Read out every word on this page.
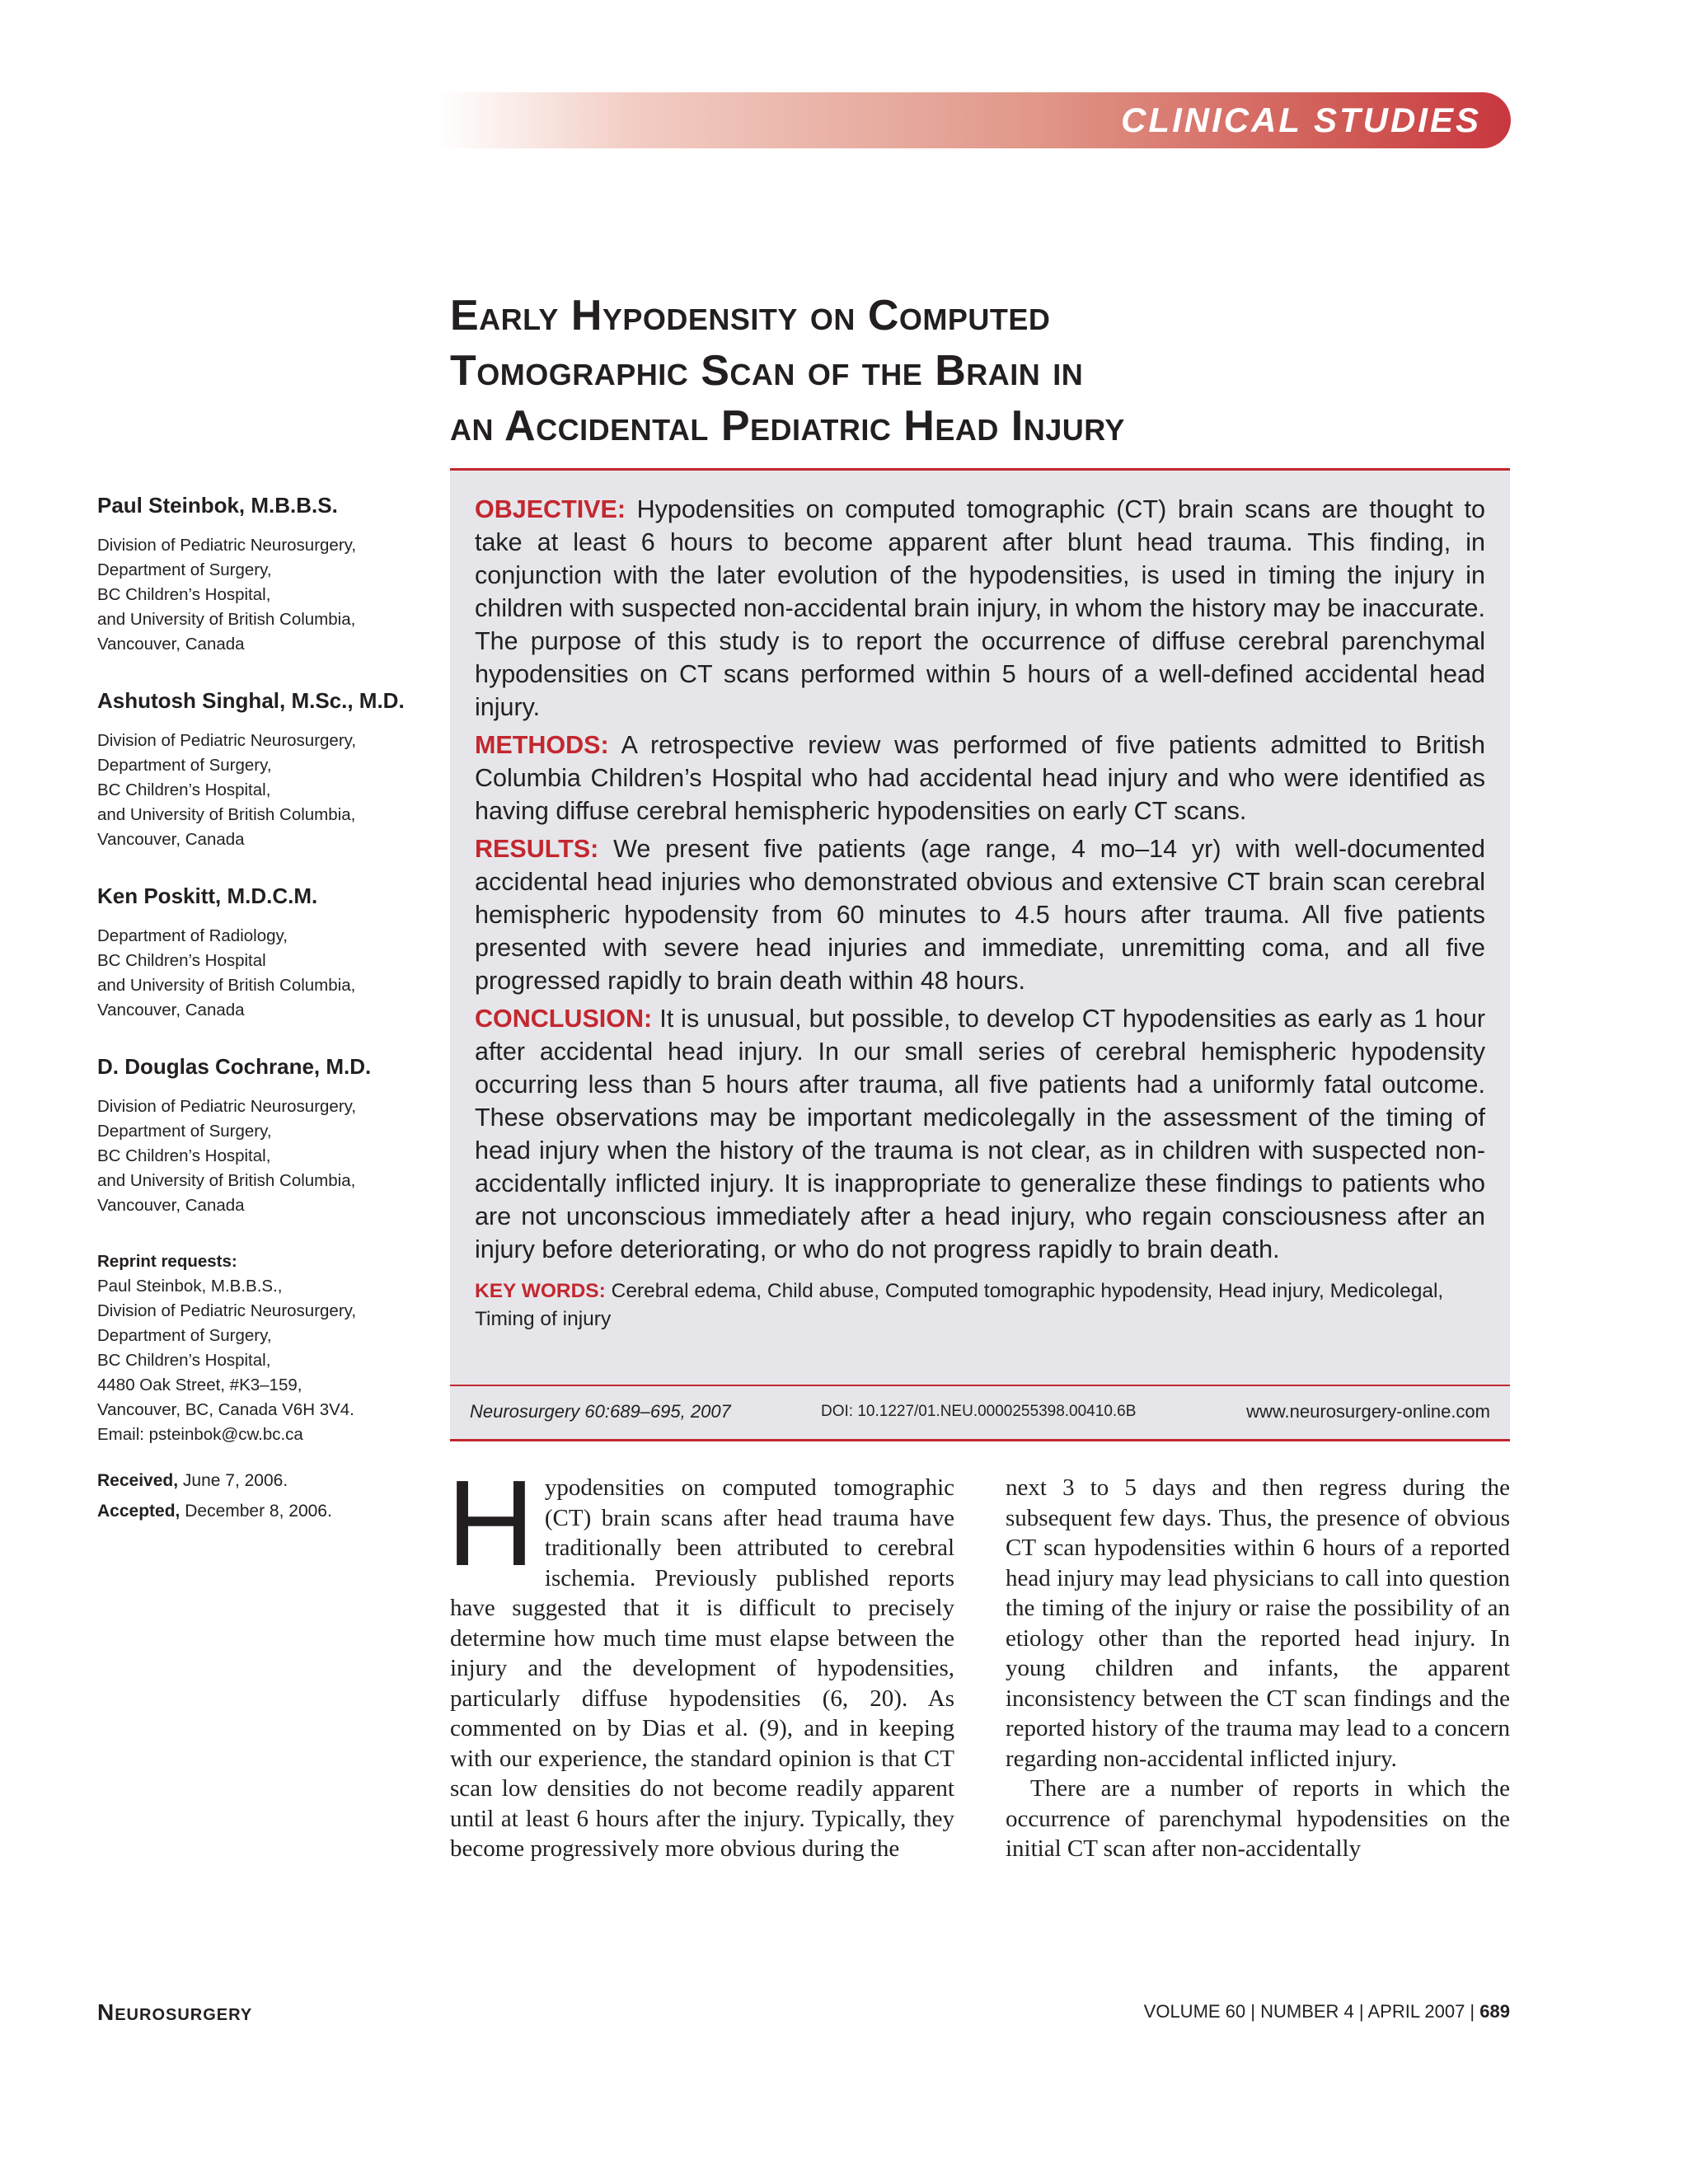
CLINICAL STUDIES
Early Hypodensity on Computed
Tomographic Scan of the Brain in
an Accidental Pediatric Head Injury
Paul Steinbok, M.B.B.S.
Division of Pediatric Neurosurgery,
Department of Surgery,
BC Children’s Hospital,
and University of British Columbia,
Vancouver, Canada
Ashutosh Singhal, M.Sc., M.D.
Division of Pediatric Neurosurgery,
Department of Surgery,
BC Children’s Hospital,
and University of British Columbia,
Vancouver, Canada
Ken Poskitt, M.D.C.M.
Department of Radiology,
BC Children’s Hospital
and University of British Columbia,
Vancouver, Canada
D. Douglas Cochrane, M.D.
Division of Pediatric Neurosurgery,
Department of Surgery,
BC Children’s Hospital,
and University of British Columbia,
Vancouver, Canada
Reprint requests:
Paul Steinbok, M.B.B.S.,
Division of Pediatric Neurosurgery,
Department of Surgery,
BC Children’s Hospital,
4480 Oak Street, #K3–159,
Vancouver, BC, Canada V6H 3V4.
Email: psteinbok@cw.bc.ca
Received, June 7, 2006.
Accepted, December 8, 2006.
OBJECTIVE: Hypodensities on computed tomographic (CT) brain scans are thought to take at least 6 hours to become apparent after blunt head trauma. This finding, in conjunction with the later evolution of the hypodensities, is used in timing the injury in children with suspected non-accidental brain injury, in whom the history may be inaccurate. The purpose of this study is to report the occurrence of diffuse cerebral parenchymal hypodensities on CT scans performed within 5 hours of a well-defined accidental head injury.
METHODS: A retrospective review was performed of five patients admitted to British Columbia Children’s Hospital who had accidental head injury and who were identified as having diffuse cerebral hemispheric hypodensities on early CT scans.
RESULTS: We present five patients (age range, 4 mo–14 yr) with well-documented accidental head injuries who demonstrated obvious and extensive CT brain scan cerebral hemispheric hypodensity from 60 minutes to 4.5 hours after trauma. All five patients presented with severe head injuries and immediate, unremitting coma, and all five progressed rapidly to brain death within 48 hours.
CONCLUSION: It is unusual, but possible, to develop CT hypodensities as early as 1 hour after accidental head injury. In our small series of cerebral hemispheric hypodensity occurring less than 5 hours after trauma, all five patients had a uniformly fatal outcome. These observations may be important medicolegally in the assessment of the timing of head injury when the history of the trauma is not clear, as in children with suspected non-accidentally inflicted injury. It is inappropriate to generalize these findings to patients who are not unconscious immediately after a head injury, who regain consciousness after an injury before deteriorating, or who do not progress rapidly to brain death.
KEY WORDS: Cerebral edema, Child abuse, Computed tomographic hypodensity, Head injury, Medicolegal, Timing of injury
Neurosurgery 60:689–695, 2007	DOI: 10.1227/01.NEU.0000255398.00410.6B	www.neurosurgery-online.com

Hypodensities on computed tomographic (CT) brain scans after head trauma have traditionally been attributed to cerebral ischemia. Previously published reports have suggested that it is difficult to precisely determine how much time must elapse between the injury and the development of hypodensities, particularly diffuse hypodensities (6, 20). As commented on by Dias et al. (9), and in keeping with our experience, the standard opinion is that CT scan low densities do not become readily apparent until at least 6 hours after the injury. Typically, they become progressively more obvious during the

next 3 to 5 days and then regress during the subsequent few days. Thus, the presence of obvious CT scan hypodensities within 6 hours of a reported head injury may lead physicians to call into question the timing of the injury or raise the possibility of an etiology other than the reported head injury. In young children and infants, the apparent inconsistency between the CT scan findings and the reported history of the trauma may lead to a concern regarding non-accidental inflicted injury.

There are a number of reports in which the occurrence of parenchymal hypodensities on the initial CT scan after non-accidentally

Neurosurgery	VOLUME 60 | NUMBER 4 | APRIL 2007 | 689
